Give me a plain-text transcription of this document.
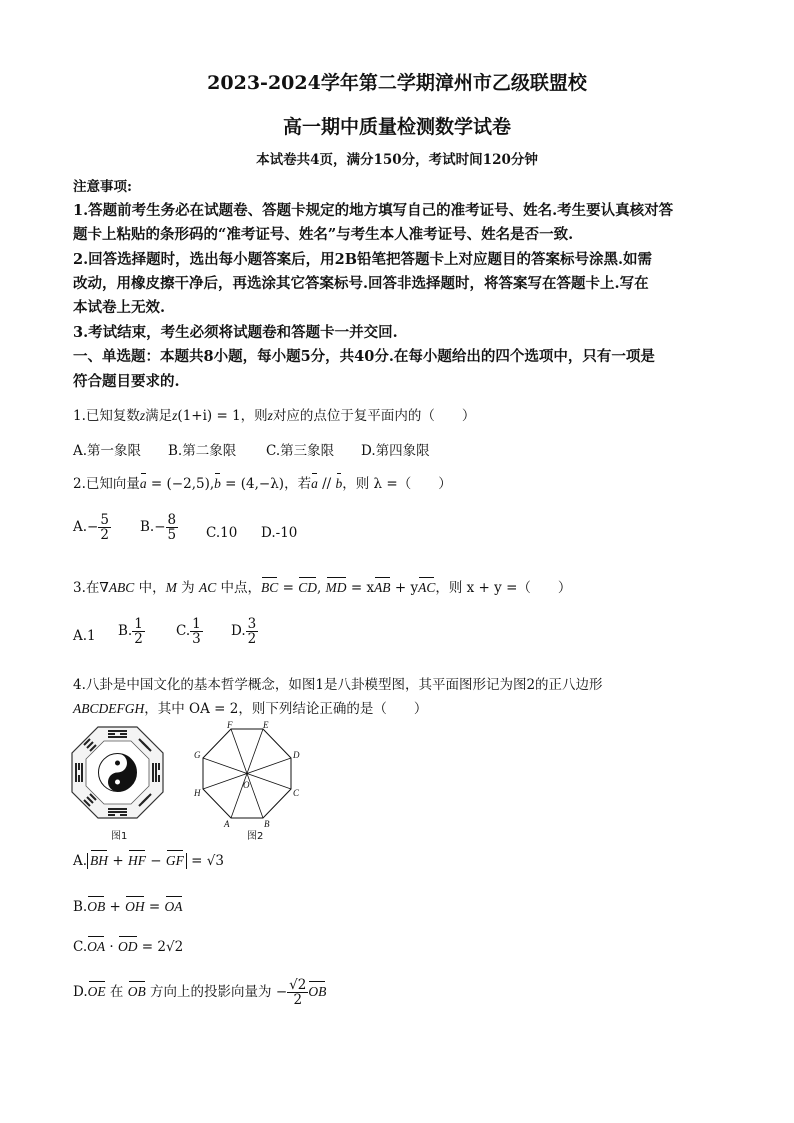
2023-2024学年第二学期漳州市乙级联盟校
高一期中质量检测数学试卷
本试卷共4页，满分150分，考试时间120分钟
注意事项:
1.答题前考生务必在试题卷、答题卡规定的地方填写自己的准考证号、姓名.考生要认真核对答
题卡上粘贴的条形码的“准考证号、姓名”与考生本人准考证号、姓名是否一致.
2.回答选择题时，选出每小题答案后，用2B铅笔把答题卡上对应题目的答案标号涂黑.如需
改动，用橡皮擦干净后，再选涂其它答案标号.回答非选择题时，将答案写在答题卡上.写在
本试卷上无效.
3.考试结束，考生必须将试题卷和答题卡一并交回.
一、单选题：本题共8小题，每小题5分，共40分.在每小题给出的四个选项中，只有一项是
符合题目要求的.
1.已知复数z满足z(1+i) = 1，则z对应的点位于复平面内的（　　）
A.第一象限 B.第二象限 C.第三象限 D.第四象限
2.已知向量a = (−2,5),b = (4,−λ)，若a // b，则 λ =（　　）
$A.- \frac{5}{2} B.- \frac{8}{5} C.10$ D.-10
3.在∇ABC 中，M 为 AC 中点，BC = CD, MD = xAB + yAC，则 x + y =（　　）
A.1 B. $\frac{1}{2} C$. $\frac{1}{3} D$. $\frac{3}{2}$
4.八卦是中国文化的基本哲学概念，如图1是八卦模型图，其平面图形记为图2的正八边形
ABCDEFGH，其中 OA = 2，则下列结论正确的是（　　）
图1
F	E
G	D
H	C
A	B
O
图2
A. BH + HF − GF = √3
B.OB + OH = OA
C.OA · OD = 2√2
D.OE 在 OB 方向上的投影向量为 − $\frac{√2}{2}$ OB
